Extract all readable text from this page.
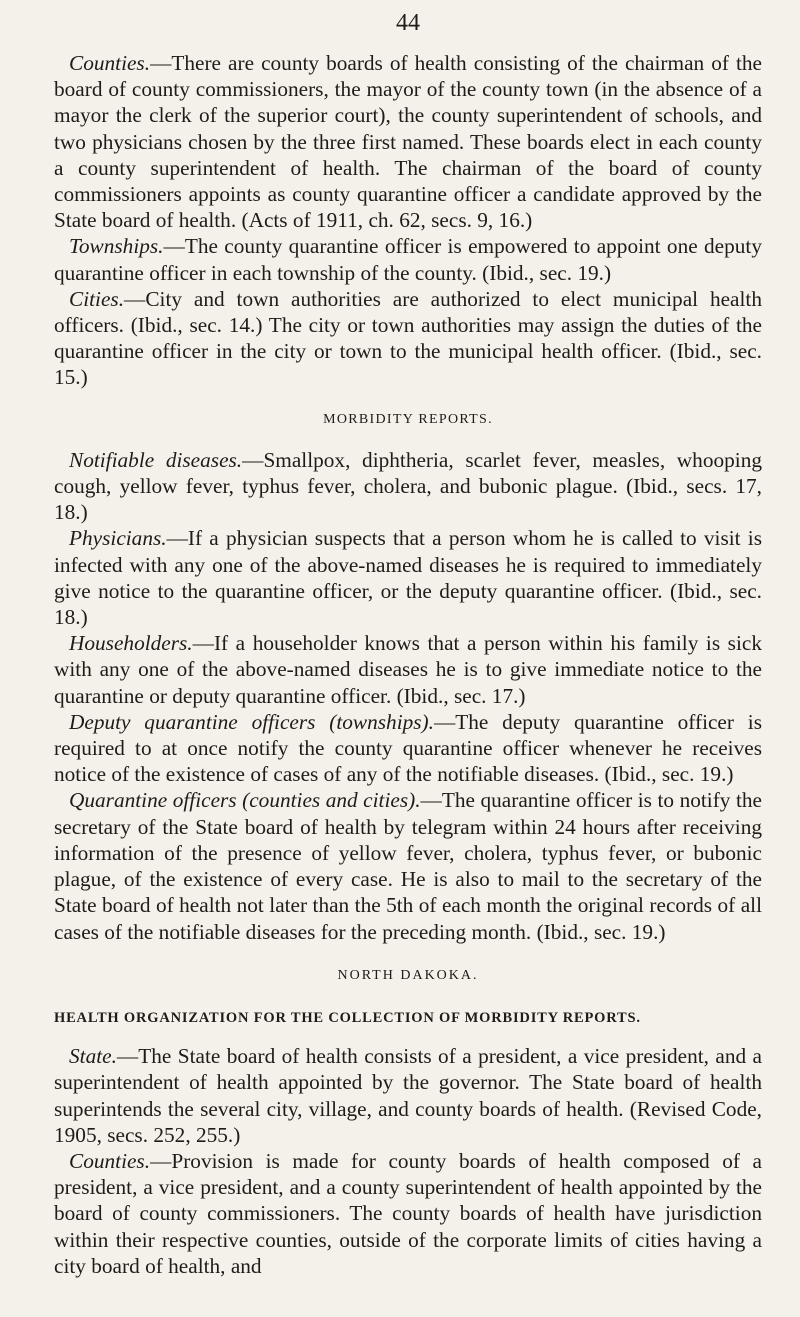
44

Counties.—There are county boards of health consisting of the chairman of the board of county commissioners, the mayor of the county town (in the absence of a mayor the clerk of the superior court), the county superintendent of schools, and two physicians chosen by the three first named. These boards elect in each county a county superintendent of health. The chairman of the board of county commissioners appoints as county quarantine officer a candidate approved by the State board of health. (Acts of 1911, ch. 62, secs. 9, 16.)

Townships.—The county quarantine officer is empowered to appoint one deputy quarantine officer in each township of the county. (Ibid., sec. 19.)

Cities.—City and town authorities are authorized to elect municipal health officers. (Ibid., sec. 14.) The city or town authorities may assign the duties of the quarantine officer in the city or town to the municipal health officer. (Ibid., sec. 15.)

MORBIDITY REPORTS.

Notifiable diseases.—Smallpox, diphtheria, scarlet fever, measles, whooping cough, yellow fever, typhus fever, cholera, and bubonic plague. (Ibid., secs. 17, 18.)

Physicians.—If a physician suspects that a person whom he is called to visit is infected with any one of the above-named diseases he is required to immediately give notice to the quarantine officer, or the deputy quarantine officer. (Ibid., sec. 18.)

Householders.—If a householder knows that a person within his family is sick with any one of the above-named diseases he is to give immediate notice to the quarantine or deputy quarantine officer. (Ibid., sec. 17.)

Deputy quarantine officers (townships).—The deputy quarantine officer is required to at once notify the county quarantine officer whenever he receives notice of the existence of cases of any of the notifiable diseases. (Ibid., sec. 19.)

Quarantine officers (counties and cities).—The quarantine officer is to notify the secretary of the State board of health by telegram within 24 hours after receiving information of the presence of yellow fever, cholera, typhus fever, or bubonic plague, of the existence of every case. He is also to mail to the secretary of the State board of health not later than the 5th of each month the original records of all cases of the notifiable diseases for the preceding month. (Ibid., sec. 19.)

NORTH DAKOKA.
HEALTH ORGANIZATION FOR THE COLLECTION OF MORBIDITY REPORTS.

State.—The State board of health consists of a president, a vice president, and a superintendent of health appointed by the governor. The State board of health superintends the several city, village, and county boards of health. (Revised Code, 1905, secs. 252, 255.)

Counties.—Provision is made for county boards of health composed of a president, a vice president, and a county superintendent of health appointed by the board of county commissioners. The county boards of health have jurisdiction within their respective counties, outside of the corporate limits of cities having a city board of health, and
